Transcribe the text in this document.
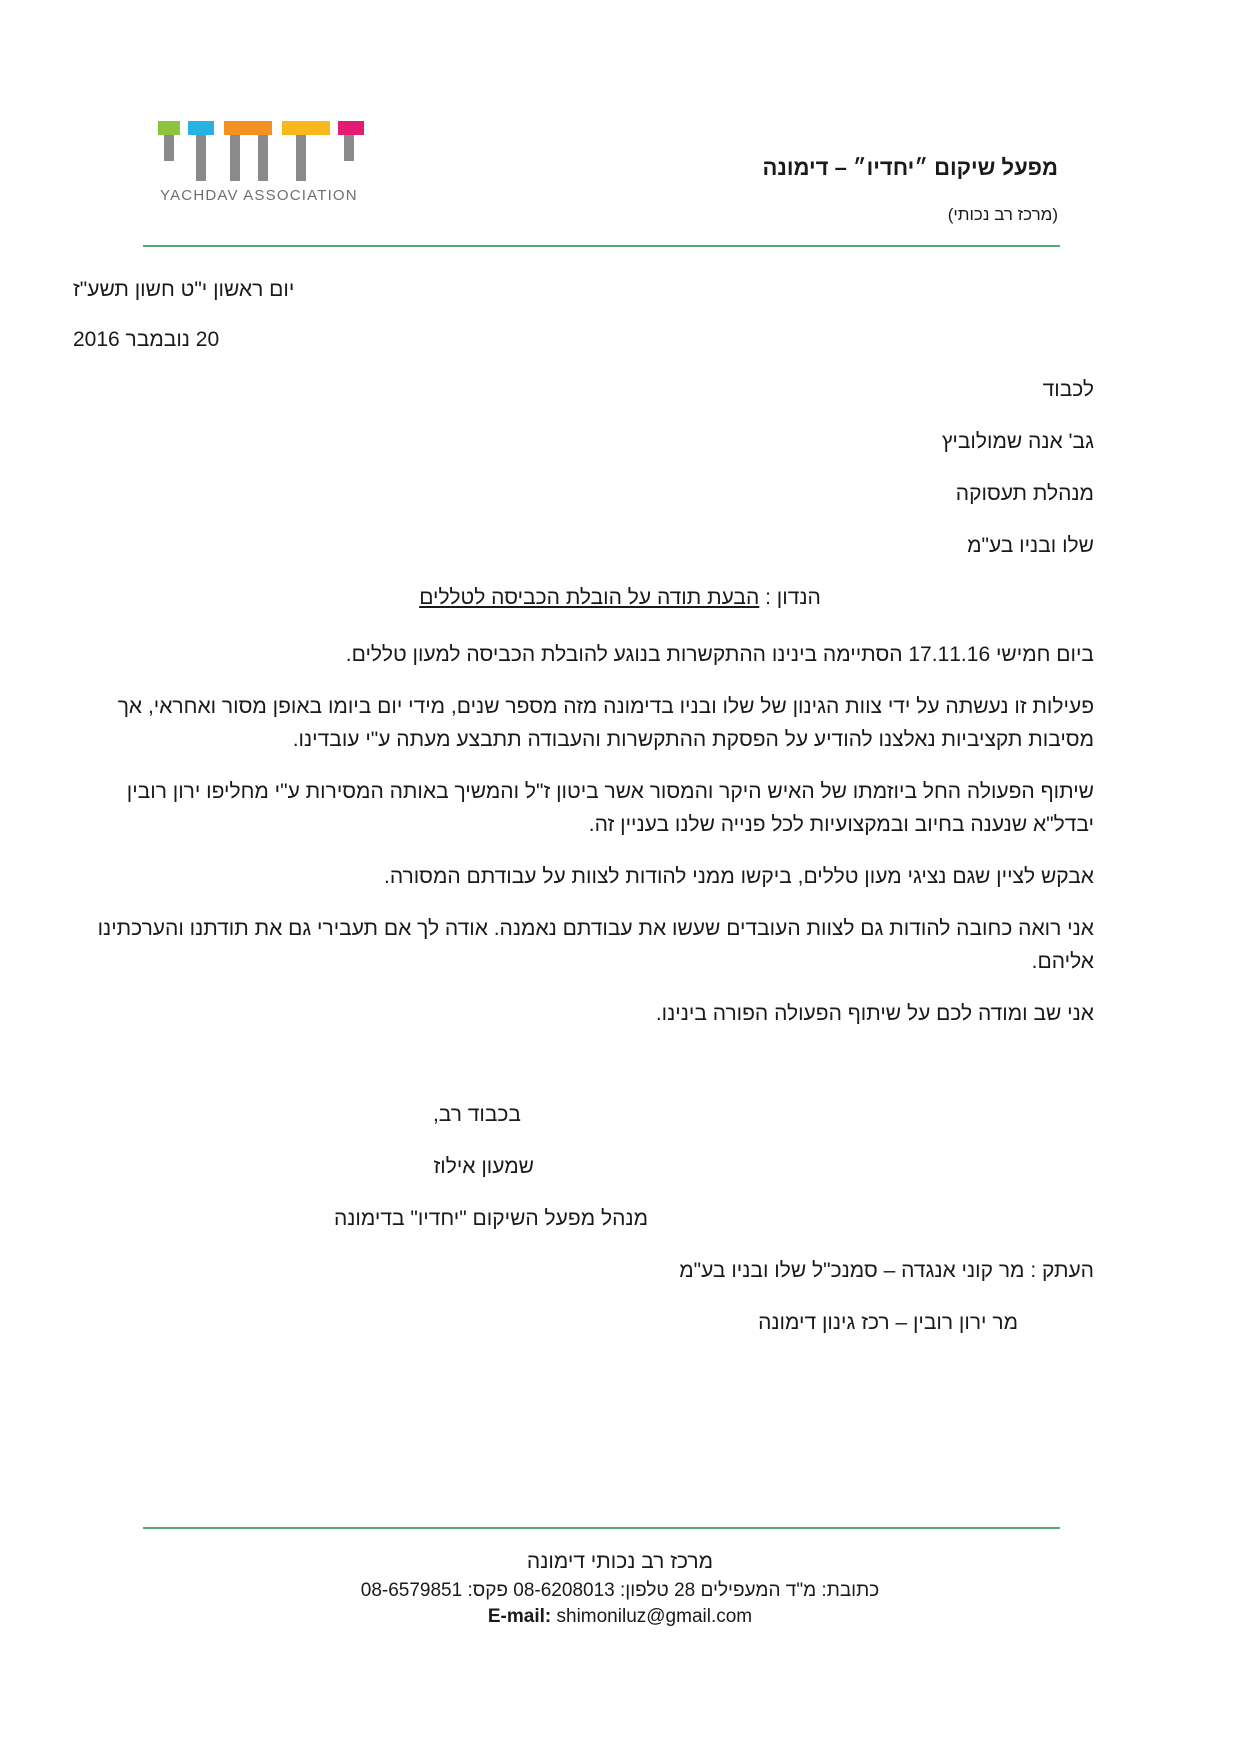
YACHDAV ASSOCIATION
מפעל שיקום ״יחדיו״ – דימונה
(מרכז רב נכותי)
יום ראשון י"ט חשון תשע"ז
20 נובמבר 2016
לכבוד
גב' אנה שמולוביץ
מנהלת תעסוקה
שלו ובניו בע"מ
הנדון : הבעת תודה על הובלת הכביסה לטללים
ביום חמישי 17.11.16 הסתיימה בינינו ההתקשרות בנוגע להובלת הכביסה למעון טללים.
פעילות זו נעשתה על ידי צוות הגינון של שלו ובניו בדימונה מזה מספר שנים, מידי יום ביומו באופן מסור ואחראי, אך מסיבות תקציביות נאלצנו להודיע על הפסקת ההתקשרות והעבודה תתבצע מעתה ע"י עובדינו.
שיתוף הפעולה החל ביוזמתו של האיש היקר והמסור אשר ביטון ז"ל והמשיך באותה המסירות ע"י מחליפו ירון רובין יבדל"א שנענה בחיוב ובמקצועיות לכל פנייה שלנו בעניין זה.
אבקש לציין שגם נציגי מעון טללים, ביקשו ממני להודות לצוות על עבודתם המסורה.
אני רואה כחובה להודות גם לצוות העובדים שעשו את עבודתם נאמנה. אודה לך אם תעבירי גם את תודתנו והערכתינו אליהם.
אני שב ומודה לכם על שיתוף הפעולה הפורה בינינו.
בכבוד רב,
שמעון אילוז
מנהל מפעל השיקום "יחדיו" בדימונה
העתק : מר קוני אנגדה – סמנכ"ל שלו ובניו בע"מ
מר ירון רובין – רכז גינון דימונה
מרכז רב נכותי דימונה
כתובת: מ"ד המעפילים 28 טלפון: 08-6208013 פקס: 08-6579851
E-mail: shimoniluz@gmail.com
